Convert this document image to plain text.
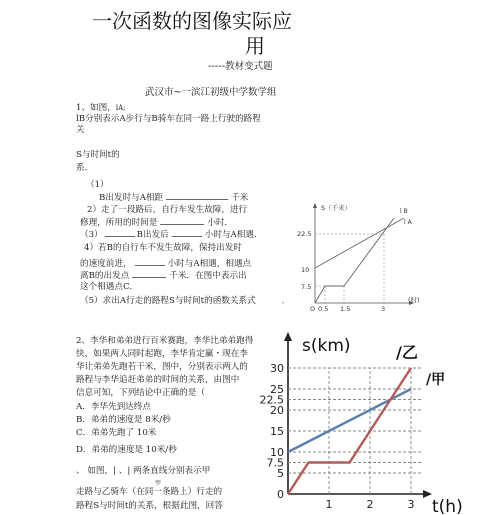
一次函数的图像实际应
用
-----教材变式题
武汉市~一滨江初级中学数学组
1、如图，lA;
lB分别表示A步行与B骑车在同一路上行驶的路程
关
S与时间t的
系．
（1）
B出发时与A相距	千米
2）走了一段路后，自行车发生故障，进行
修理，所用的时间是	小时．
（3）	B出发后	小时与A相遇．
4）若B的自行车不发生故障，保持出发时
的速度前进，	小时与A相遇，相遇点
离B的出发点	千米．在图中表示出
这个相遇点C．
（5）求出A行走的路程S与时间t的函数关系式	。
S（千米）
(时)
O 0.5 1.5	3
22.5
10
7.5
l B
l A
2、李华和弟弟进行百米赛跑，李华比弟弟跑得
快，如果两人同时起跑，李华肯定赢・现在李
华让弟弟先跑若干米，图中，分别表示两人的
路程与李华追赶弟弟的时间的关系，由图中
信息可知，下列结论中正确的是（
A．李华先到达终点
B．弟弟的速度是 8米/秒
C．弟弟先跑了 10米
D．弟弟的速度是 10米/秒
、 如图，| 、| 两条直线分别表示甲
甲
走路与乙骑车（在同一条路上）行走的
路程S与时间t的关系，根据此图，回答
s(km)
t(h)
/乙
/甲
30
25
22.5
20
15
10
7.5
5
0
1	2	3
